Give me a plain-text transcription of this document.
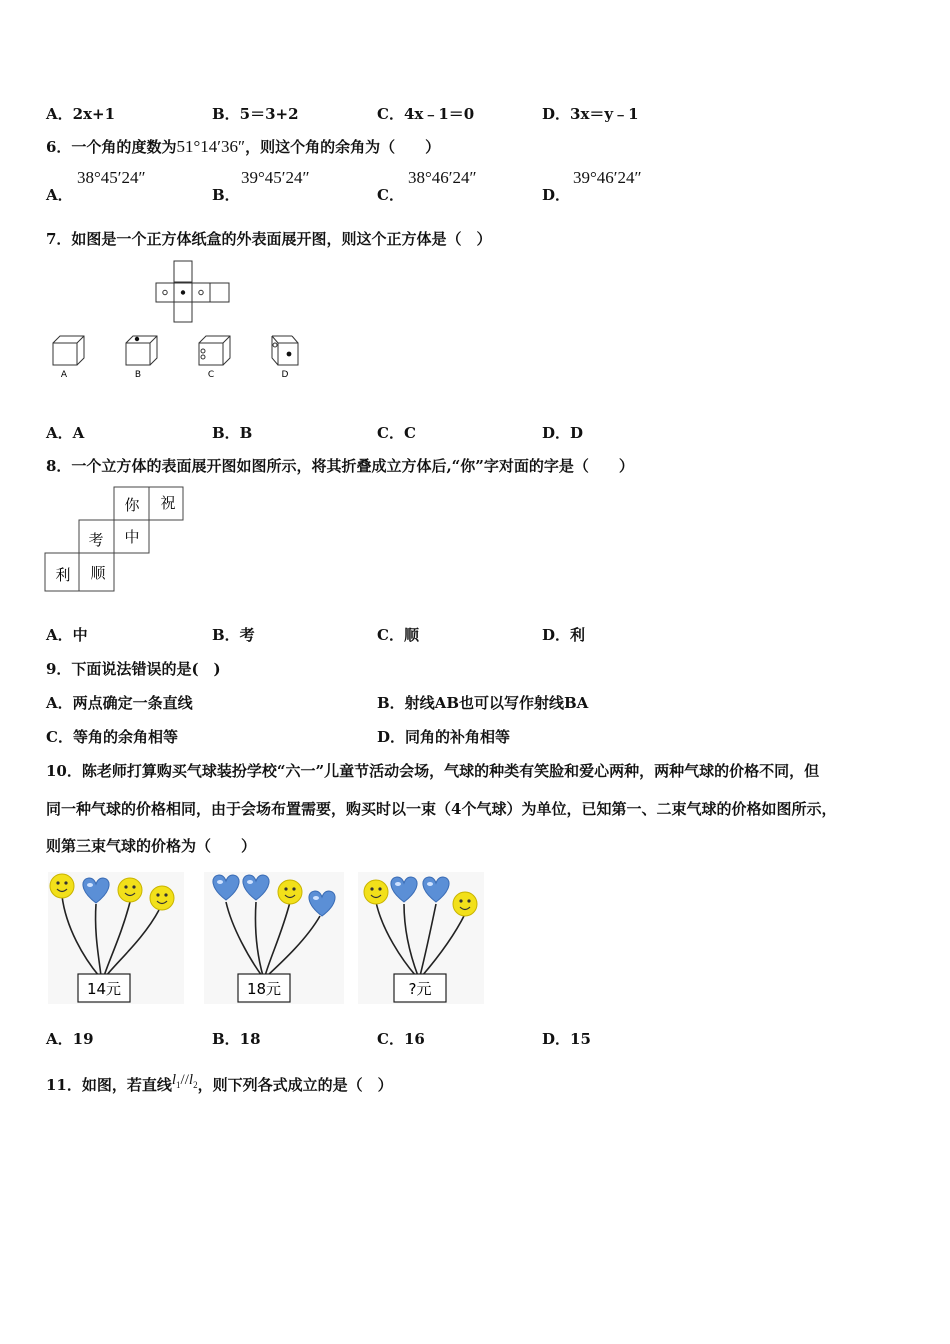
A．2x+1	B．5＝3+2	C．4x﹣1＝0	D．3x＝y﹣1
6．一个角的度数为51°14′36″，则这个角的余角为（　　）
A．
38°45′24″
B．
39°45′24″
C．
38°46′24″
D．
39°46′24″
7．如图是一个正方体纸盒的外表面展开图，则这个正方体是（　）
A	B	C	D
A．A	B．B	C．C	D．D
8．一个立方体的表面展开图如图所示，将其折叠成立方体后,“你”字对面的字是（　　）
你 祝
考 中
利 顺
A．中	B．考	C．顺	D．利
9．下面说法错误的是(　)
A．两点确定一条直线	B．射线AB也可以写作射线BA
C．等角的余角相等	D．同角的补角相等
10．陈老师打算购买气球装扮学校“六一”儿童节活动会场，气球的种类有笑脸和爱心两种，两种气球的价格不同，但
同一种气球的价格相同，由于会场布置需要，购买时以一束（4个气球）为单位，已知第一、二束气球的价格如图所示，
则第三束气球的价格为（　　）
14元	18元	?元
A．19	B．18	C．16	D．15
11．如图，若直线$l_1//l_2$，则下列各式成立的是（　）
